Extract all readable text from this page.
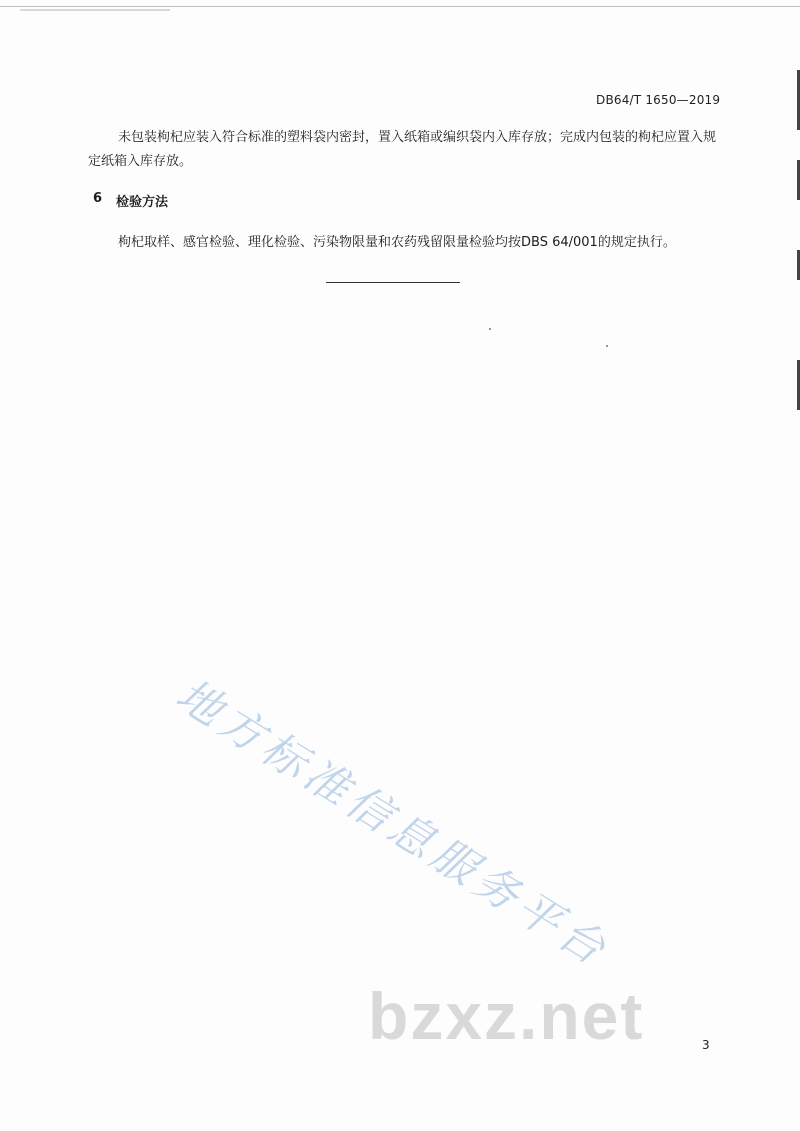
DB64/T 1650—2019
未包装枸杞应装入符合标准的塑料袋内密封，置入纸箱或编织袋内入库存放；完成内包装的枸杞应置入规定纸箱入库存放。
6 检验方法
枸杞取样、感官检验、理化检验、污染物限量和农药残留限量检验均按DBS 64/001的规定执行。
地方标准信息服务平台
bzxz.net	3
